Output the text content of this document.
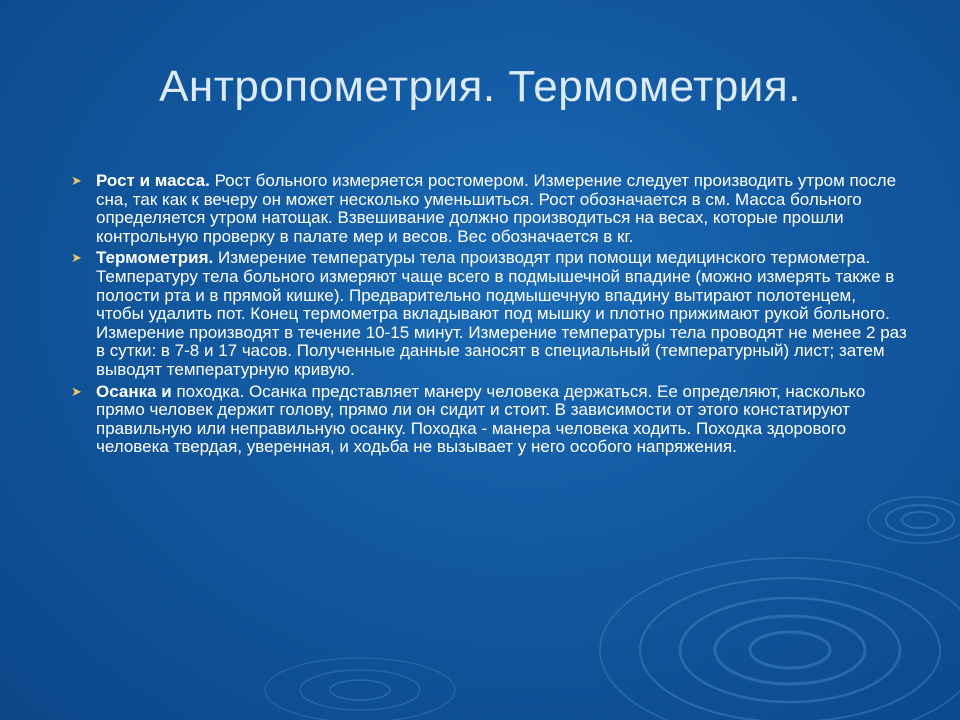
Антропометрия. Термометрия.
➤ Рост и масса. Рост больного измеряется ростомером. Измерение следует производить утром после сна, так как к вечеру он может несколько уменьшиться. Рост обозначается в см. Масса больного определяется утром натощак. Взвешивание должно производиться на весах, которые прошли контрольную проверку в палате мер и весов. Вес обозначается в кг.
➤ Термометрия. Измерение температуры тела производят при помощи медицинского термометра. Температуру тела больного измеряют чаще всего в подмышечной впадине (можно измерять также в полости рта и в прямой кишке). Предварительно подмышечную впадину вытирают полотенцем, чтобы удалить пот. Конец термометра вкладывают под мышку и плотно прижимают рукой больного. Измерение производят в течение 10-15 минут. Измерение температуры тела проводят не менее 2 раз в сутки: в 7-8 и 17 часов. Полученные данные заносят в специальный (температурный) лист; затем выводят температурную кривую.
➤ Осанка и походка. Осанка представляет манеру человека держаться. Ее определяют, насколько прямо человек держит голову, прямо ли он сидит и стоит. В зависимости от этого констатируют правильную или неправильную осанку. Походка - манера человека ходить. Походка здорового человека твердая, уверенная, и ходьба не вызывает у него особого напряжения.
